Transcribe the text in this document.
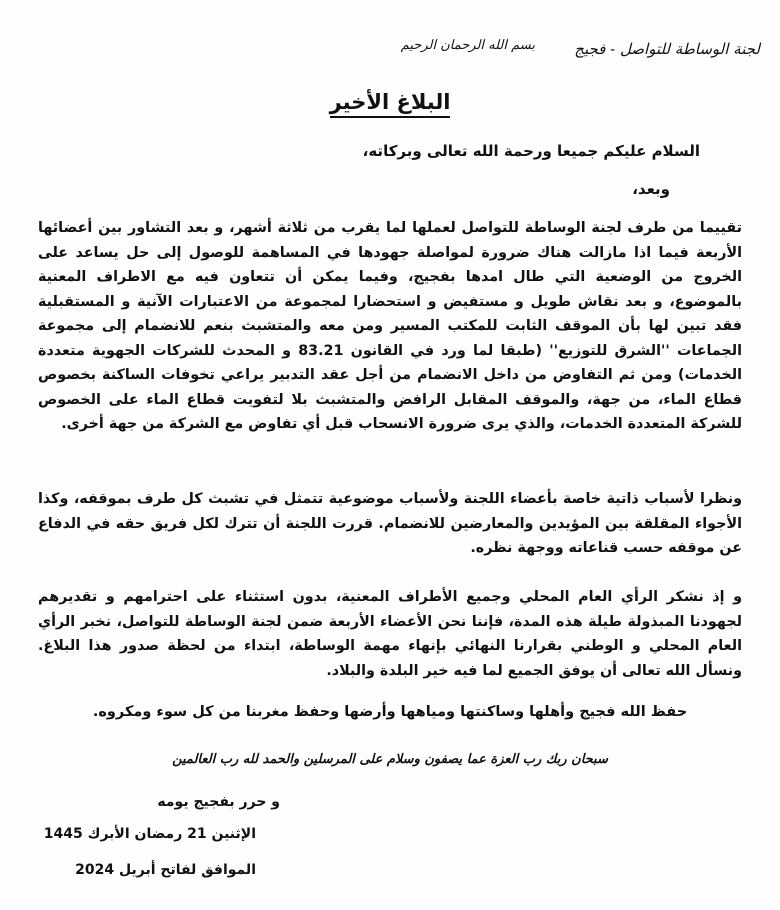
لجنة الوساطة للتواصل - فجيج
بسم الله الرحمان الرحيم
البلاغ الأخير
السلام عليكم جميعا ورحمة الله تعالى وبركاته،
وبعد،
تقييما من طرف لجنة الوساطة للتواصل لعملها لما يقرب من ثلاثة أشهر، و بعد التشاور بين أعضائها الأربعة فيما اذا مازالت هناك ضرورة لمواصلة جهودها في المساهمة للوصول إلى حل يساعد على الخروج من الوضعية التي طال امدها بفجيج، وفيما يمكن أن تتعاون فيه مع الاطراف المعنية بالموضوع، و بعد نقاش طويل و مستفيض و استحضارا لمجموعة من الاعتبارات الآنية و المستقبلية فقد تبين لها بأن الموقف الثابت للمكتب المسير ومن معه والمتشبث بنعم للانضمام إلى مجموعة الجماعات ''الشرق للتوزيع'' (طبقا لما ورد في القانون 83.21 و المحدث للشركات الجهوية متعددة الخدمات) ومن ثم التفاوض من داخل الانضمام من أجل عقد التدبير يراعي تخوفات الساكنة بخصوص قطاع الماء، من جهة، والموقف المقابل الرافض والمتشبث بلا لتفويت قطاع الماء على الخصوص للشركة المتعددة الخدمات، والذي يرى ضرورة الانسحاب قبل أي تفاوض مع الشركة من جهة أخرى.
ونظرا لأسباب ذاتية خاصة بأعضاء اللجنة ولأسباب موضوعية تتمثل في تشبث كل طرف بموقفه، وكذا الأجواء المقلقة بين المؤيدين والمعارضين للانضمام. قررت اللجنة أن تترك لكل فريق حقه في الدفاع عن موقفه حسب قناعاته ووجهة نظره.
و إذ نشكر الرأي العام المحلي وجميع الأطراف المعنية، بدون استثناء على احترامهم و تقديرهم لجهودنا المبذولة طيلة هذه المدة، فإننا نحن الأعضاء الأربعة ضمن لجنة الوساطة للتواصل، نخبر الرأي العام المحلي و الوطني بقرارنا النهائي بإنهاء مهمة الوساطة، ابتداء من لحظة صدور هذا البلاغ. ونسأل الله تعالى أن يوفق الجميع لما فيه خير البلدة والبلاد.
حفظ الله فجيج وأهلها وساكنتها ومياهها وأرضها وحفظ مغربنا من كل سوء ومكروه.
سبحان ربك رب العزة عما يصفون وسلام على المرسلين والحمد لله رب العالمين
و حرر بفجيج يومه
الإثنين 21 رمضان الأبرك 1445
الموافق لفاتح أبريل 2024
